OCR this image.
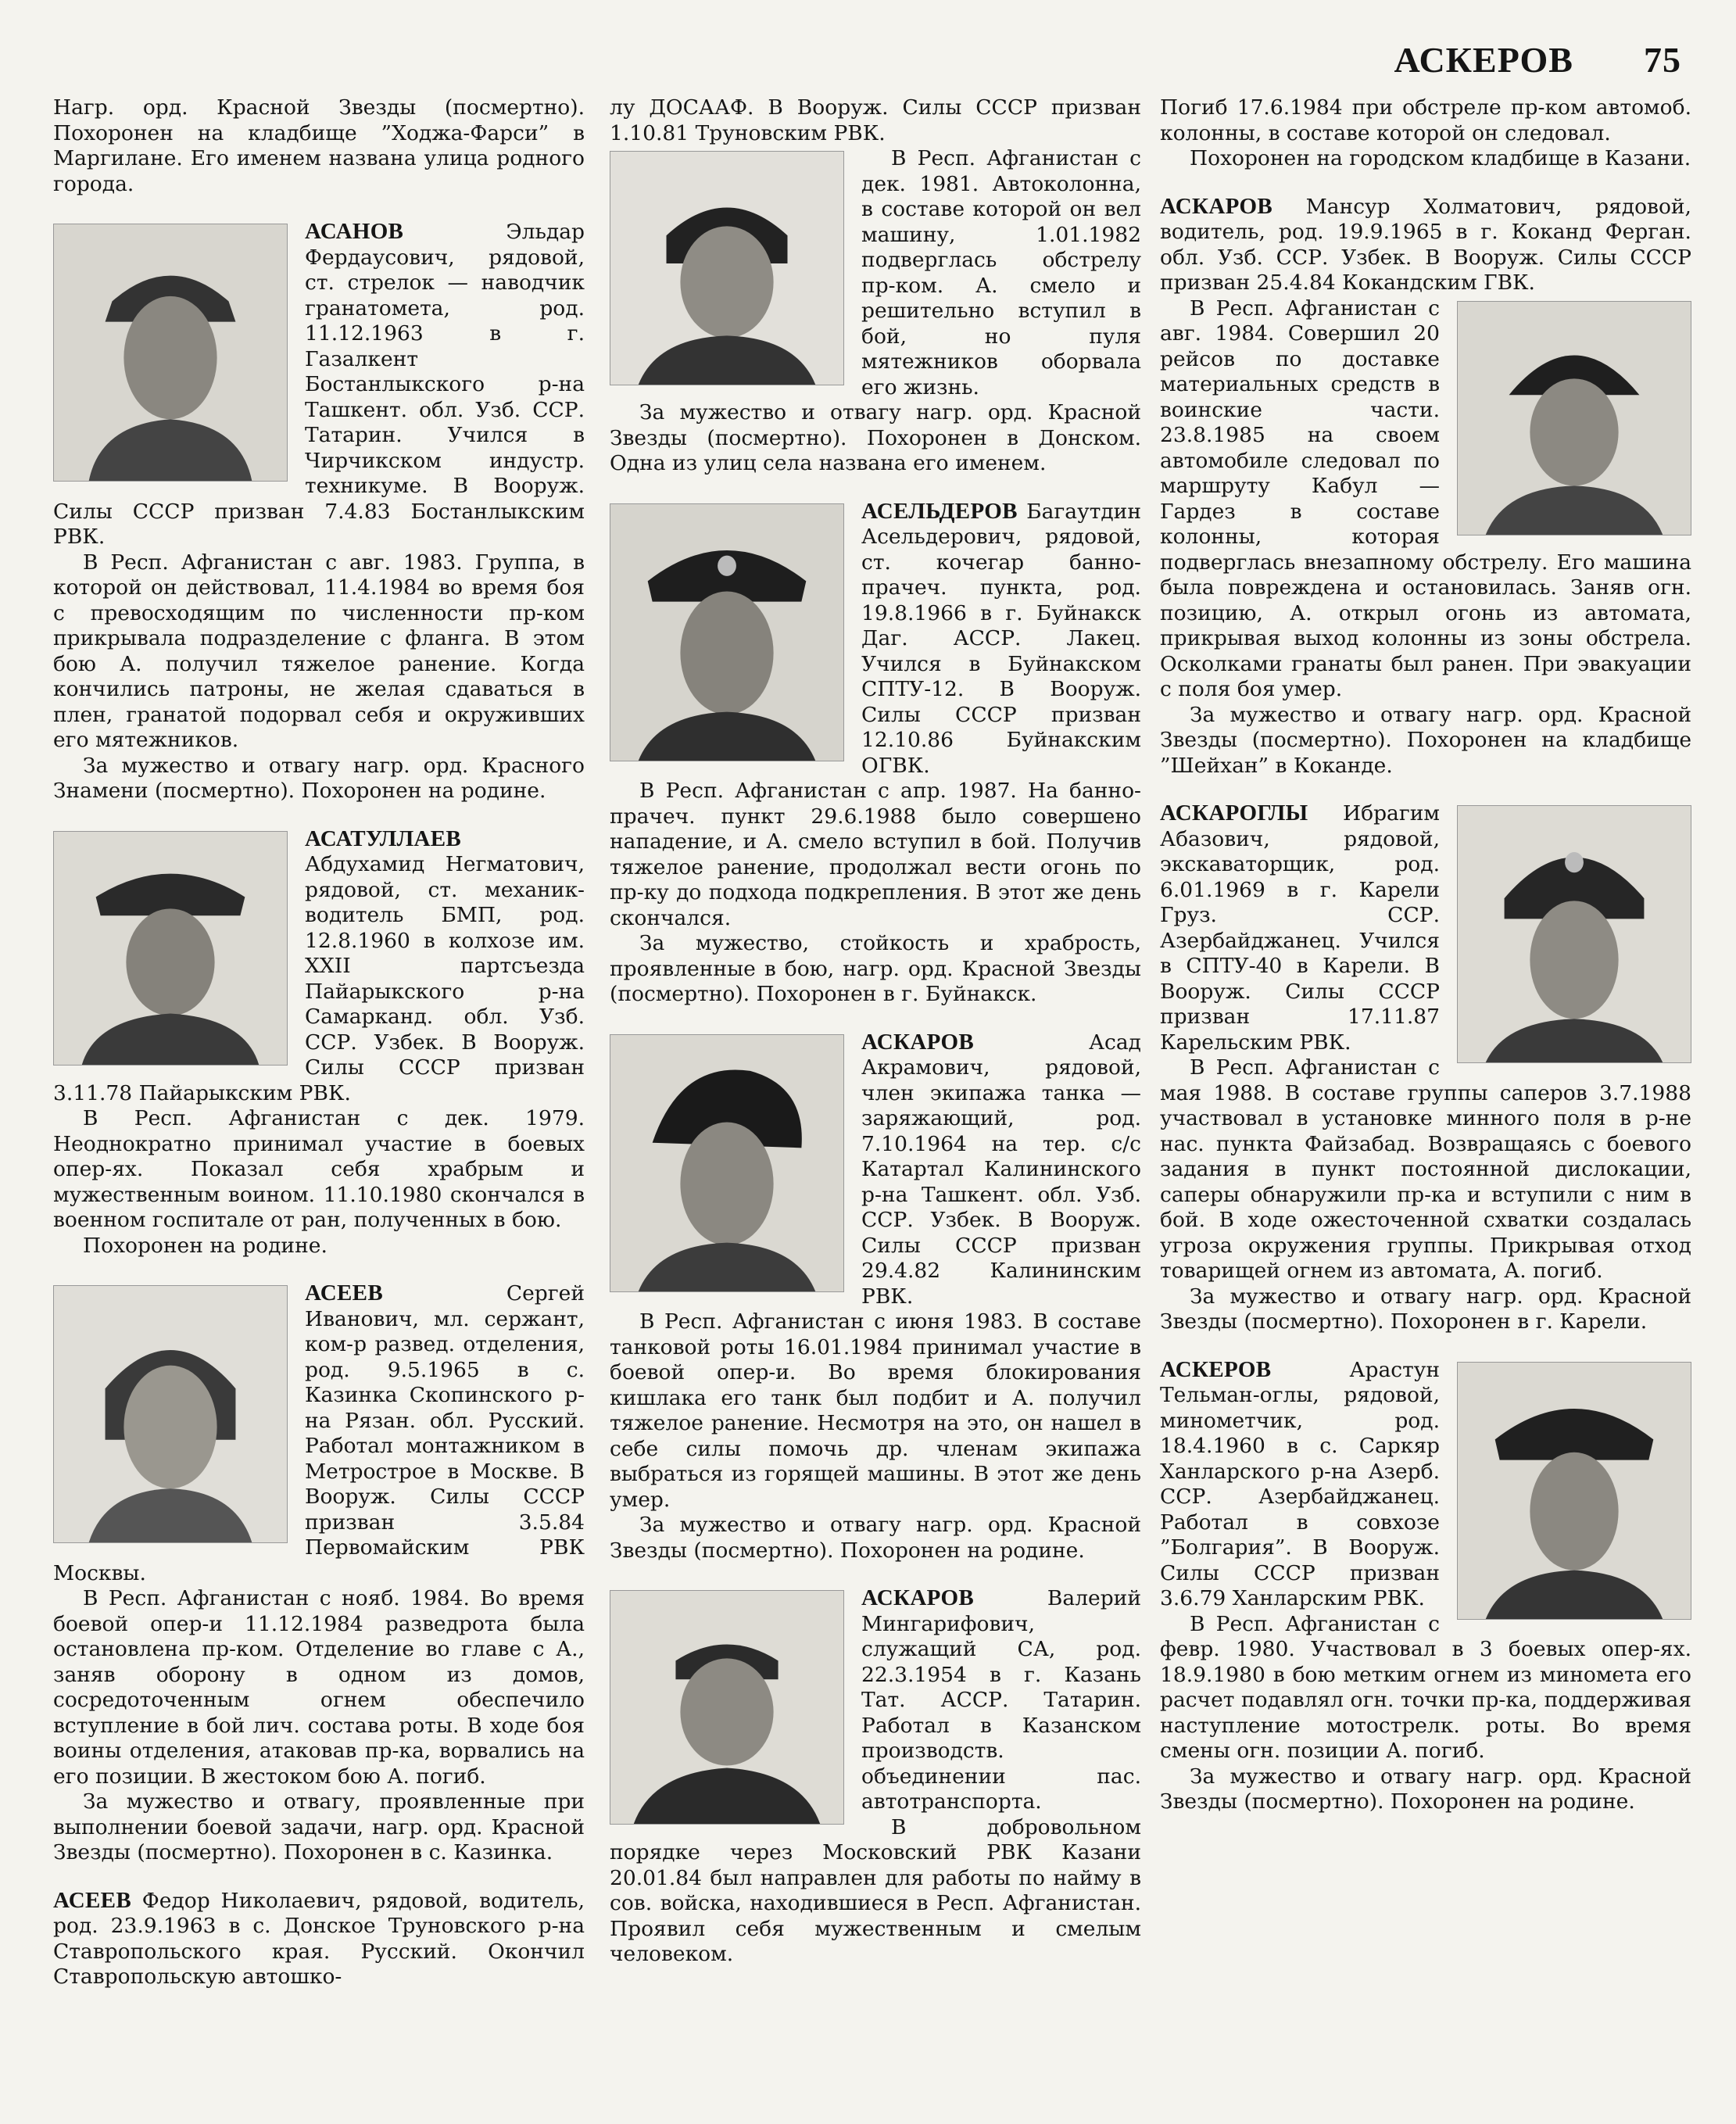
АСКЕРОВ 75

Нагр. орд. Красной Звезды (посмертно). Похоронен на кладбище ”Ходжа-Фарси” в Маргилане. Его именем названа улица родного города.

АСАНОВ	Эльдар Фердаусович, рядовой, ст. стрелок — наводчик гранатомета, род. 11.12.1963 в г. Газалкент Бостанлыкского р-на Ташкент. обл. Узб. ССР. Татарин. Учился в Чирчикском индустр. техникуме. В Вооруж. Силы СССР призван 7.4.83 Бостанлыкским РВК.

В Респ. Афганистан с авг. 1983. Группа, в которой он действовал, 11.4.1984 во время боя с превосходящим по численности пр-ком прикрывала подразделение с фланга. В этом бою А. получил тяжелое ранение. Когда кончились патроны, не желая сдаваться в плен, гранатой подорвал себя и окруживших его мятежников.

За мужество и отвагу нагр. орд. Красного Знамени (посмертно). Похоронен на родине.

АСАТУЛЛАЕВ Абдухамид Негматович, рядовой, ст. механик-водитель БМП, род. 12.8.1960 в колхозе им. XXII партсъезда Пайарыкского р-на Самарканд. обл. Узб. ССР. Узбек. В Вооруж. Силы СССР призван 3.11.78 Пайарыкским РВК.

В Респ. Афганистан с дек. 1979. Неоднократно принимал участие в боевых опер-ях. Показал себя храбрым и мужественным воином. 11.10.1980 скончался в военном госпитале от ран, полученных в бою.

Похоронен на родине.

АСЕЕВ	Сергей Иванович, мл. сержант, ком-р развед. отделения, род. 9.5.1965 в с. Казинка Скопинского р-на Рязан. обл. Русский. Работал монтажником в Метрострое в Москве. В Вооруж. Силы СССР призван 3.5.84 Первомайским РВК Москвы.

В Респ. Афганистан с нояб. 1984. Во время боевой опер-и 11.12.1984 разведрота была остановлена пр-ком. Отделение во главе с А., заняв оборону в одном из домов, сосредоточенным огнем обеспечило вступление в бой лич. состава роты. В ходе боя воины отделения, атаковав пр-ка, ворвались на его позиции. В жестоком бою А. погиб.

За мужество и отвагу, проявленные при выполнении боевой задачи, нагр. орд. Красной Звезды (посмертно). Похоронен в с. Казинка.

АСЕЕВ Федор Николаевич, рядовой, водитель, род. 23.9.1963 в с. Донское Труновского р-на Ставропольского края. Русский. Окончил Ставропольскую автошко-

лу ДОСААФ. В Вооруж. Силы СССР призван 1.10.81 Труновским РВК.

В Респ. Афганистан с дек. 1981. Автоколонна, в составе которой он вел машину, 1.01.1982 подверглась обстрелу пр-ком. А. смело и решительно вступил в бой, но пуля мятежников оборвала его жизнь.

За мужество и отвагу нагр. орд. Красной Звезды (посмертно). Похоронен в Донском. Одна из улиц села названа его именем.

АСЕЛЬДЕРОВ Багаутдин Асельдерович, рядовой, ст. кочегар банно-прачеч. пункта, род. 19.8.1966 в г. Буйнакск Даг. АССР. Лакец. Учился в Буйнакском СПТУ-12. В Вооруж. Силы СССР призван 12.10.86 Буйнакским ОГВК.

В Респ. Афганистан с апр. 1987. На банно-прачеч. пункт 29.6.1988 было совершено нападение, и А. смело вступил в бой. Получив тяжелое ранение, продолжал вести огонь по пр-ку до подхода подкрепления. В этот же день скончался.

За мужество, стойкость и храбрость, проявленные в бою, нагр. орд. Красной Звезды (посмертно). Похоронен в г. Буйнакск.

АСКАРОВ	Асад Акрамович, рядовой, член экипажа танка — заряжающий, род. 7.10.1964 на тер. с/с Катартал Калининского р-на Ташкент. обл. Узб. ССР. Узбек. В Вооруж. Силы СССР призван 29.4.82 Калининским РВК.

В Респ. Афганистан с июня 1983. В составе танковой роты 16.01.1984 принимал участие в боевой опер-и. Во время блокирования кишлака его танк был подбит и А. получил тяжелое ранение. Несмотря на это, он нашел в себе силы помочь др. членам экипажа выбраться из горящей машины. В этот же день умер.

За мужество и отвагу нагр. орд. Красной Звезды (посмертно). Похоронен на родине.

АСКАРОВ	Валерий Мингарифович, служащий СА, род. 22.3.1954 в г. Казань Тат. АССР. Татарин. Работал в Казанском производств. объединении пас. автотранспорта.

В добровольном порядке через Московский РВК Казани 20.01.84 был направлен для работы по найму в сов. войска, находившиеся в Респ. Афганистан. Проявил себя мужественным и смелым человеком.

Погиб 17.6.1984 при обстреле пр-ком автомоб. колонны, в составе которой он следовал.

Похоронен на городском кладбище в Казани.

АСКАРОВ Мансур Холматович, рядовой, водитель, род. 19.9.1965 в г. Коканд Ферган. обл. Узб. ССР. Узбек. В Вооруж. Силы СССР призван 25.4.84 Кокандским ГВК.

В Респ. Афганистан с авг. 1984. Совершил 20 рейсов по доставке материальных средств в воинские части. 23.8.1985 на своем автомобиле следовал по маршруту Кабул — Гардез в составе колонны, которая подверглась внезапному обстрелу. Его машина была повреждена и остановилась. Заняв огн. позицию, А. открыл огонь из автомата, прикрывая выход колонны из зоны обстрела. Осколками гранаты был ранен. При эвакуации с поля боя умер.

За мужество и отвагу нагр. орд. Красной Звезды (посмертно). Похоронен на кладбище ”Шейхан” в Коканде.

АСКАРОГЛЫ Ибрагим Абазович, рядовой, экскаваторщик, род. 6.01.1969 в г. Карели Груз. ССР. Азербайджанец. Учился в СПТУ-40 в Карели. В Вооруж. Силы СССР призван 17.11.87 Карельским РВК.

В Респ. Афганистан с мая 1988. В составе группы саперов 3.7.1988 участвовал в установке минного поля в р-не нас. пункта Файзабад. Возвращаясь с боевого задания в пункт постоянной дислокации, саперы обнаружили пр-ка и вступили с ним в бой. В ходе ожесточенной схватки создалась угроза окружения группы. Прикрывая отход товарищей огнем из автомата, А. погиб.

За мужество и отвагу нагр. орд. Красной Звезды (посмертно). Похоронен в г. Карели.

АСКЕРОВ	Арастун Тельман-оглы, рядовой, минометчик, род. 18.4.1960 в с. Саркяр Ханларского р-на Азерб. ССР. Азербайджанец. Работал в совхозе ”Болгария”. В Вооруж. Силы СССР призван 3.6.79 Ханларским РВК.

В Респ. Афганистан с февр. 1980. Участвовал в 3 боевых опер-ях. 18.9.1980 в бою метким огнем из миномета его расчет подавлял огн. точки пр-ка, поддерживая наступление мотострелк. роты. Во время смены огн. позиции А. погиб.

За мужество и отвагу нагр. орд. Красной Звезды (посмертно). Похоронен на родине.
